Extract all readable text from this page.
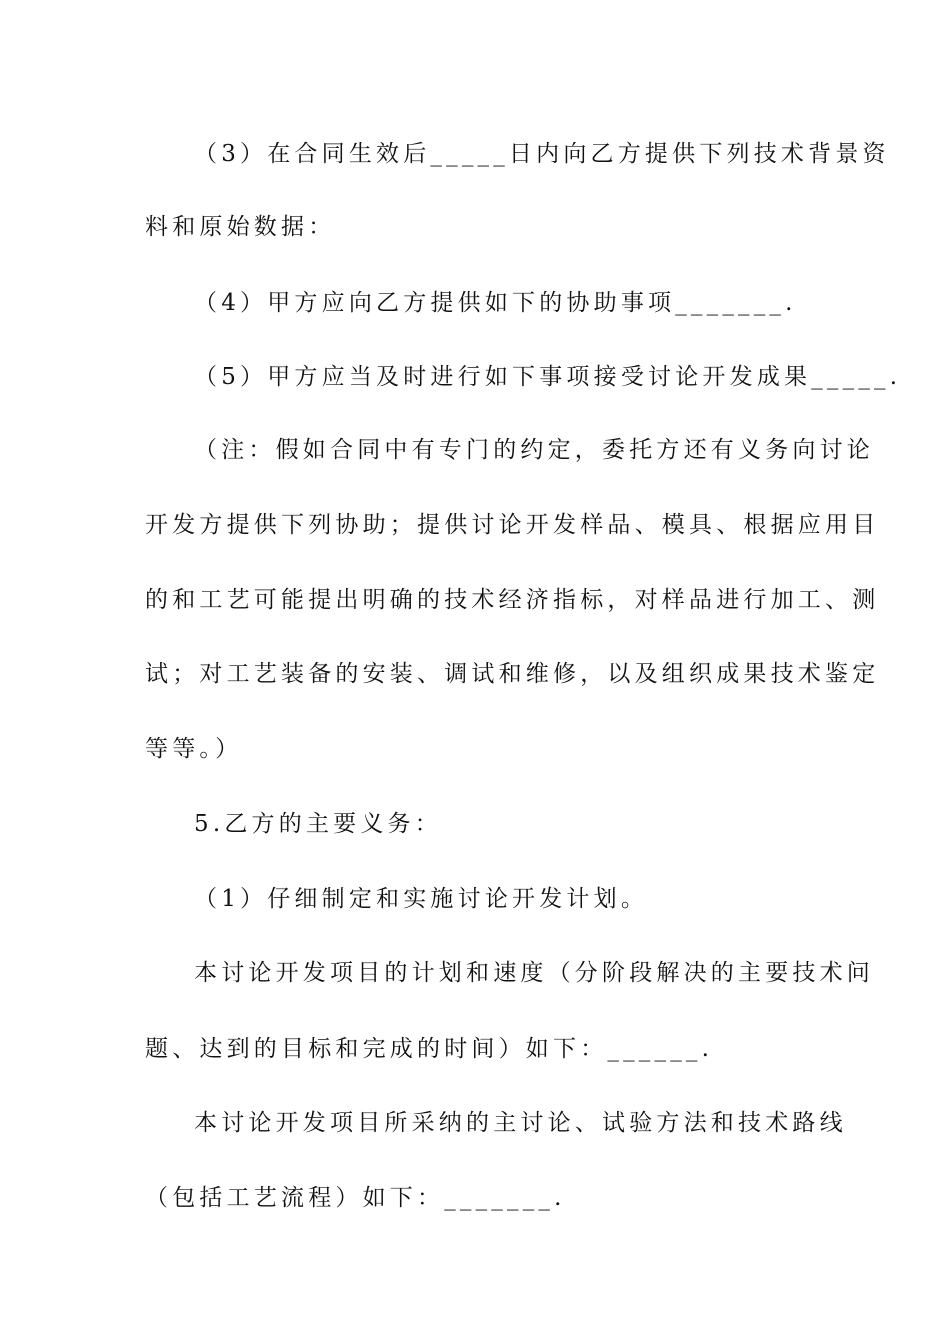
（3）在合同生效后_____日内向乙方提供下列技术背景资
料和原始数据：
（4）甲方应向乙方提供如下的协助事项_______.
（5）甲方应当及时进行如下事项接受讨论开发成果_____.
（注：假如合同中有专门的约定，委托方还有义务向讨论
开发方提供下列协助；提供讨论开发样品、模具、根据应用目
的和工艺可能提出明确的技术经济指标，对样品进行加工、测
试；对工艺装备的安装、调试和维修，以及组织成果技术鉴定
等等。）
5.乙方的主要义务：
（1）仔细制定和实施讨论开发计划。
本讨论开发项目的计划和速度（分阶段解决的主要技术问
题、达到的目标和完成的时间）如下：______.
本讨论开发项目所采纳的主讨论、试验方法和技术路线
（包括工艺流程）如下：_______.
